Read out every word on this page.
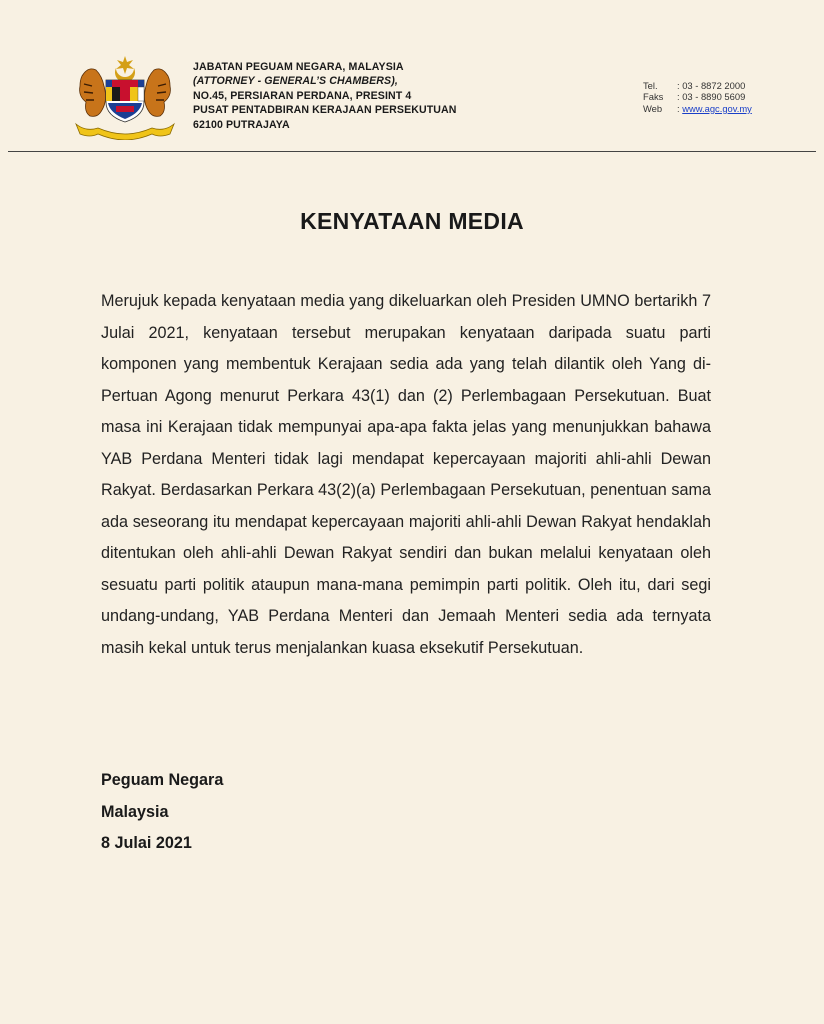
JABATAN PEGUAM NEGARA, MALAYSIA
(ATTORNEY - GENERAL’S CHAMBERS),
NO.45, PERSIARAN PERDANA, PRESINT 4
PUSAT PENTADBIRAN KERAJAAN PERSEKUTUAN
62100 PUTRAJAYA
Tel.	: 03 - 8872 2000
Faks	: 03 - 8890 5609
Web	:
www.agc.gov.my
KENYATAAN MEDIA
Merujuk kepada kenyataan media yang dikeluarkan oleh Presiden UMNO bertarikh 7 Julai 2021, kenyataan tersebut merupakan kenyataan daripada suatu parti komponen yang membentuk Kerajaan sedia ada yang telah dilantik oleh Yang di-Pertuan Agong menurut Perkara 43(1) dan (2) Perlembagaan Persekutuan. Buat masa ini Kerajaan tidak mempunyai apa-apa fakta jelas yang menunjukkan bahawa YAB Perdana Menteri tidak lagi mendapat kepercayaan majoriti ahli-ahli Dewan Rakyat. Berdasarkan Perkara 43(2)(a) Perlembagaan Persekutuan, penentuan sama ada seseorang itu mendapat kepercayaan majoriti ahli-ahli Dewan Rakyat hendaklah ditentukan oleh ahli-ahli Dewan Rakyat sendiri dan bukan melalui kenyataan oleh sesuatu parti politik ataupun mana-mana pemimpin parti politik. Oleh itu, dari segi undang-undang, YAB Perdana Menteri dan Jemaah Menteri sedia ada ternyata masih kekal untuk terus menjalankan kuasa eksekutif Persekutuan.
Peguam Negara
Malaysia
8 Julai 2021
